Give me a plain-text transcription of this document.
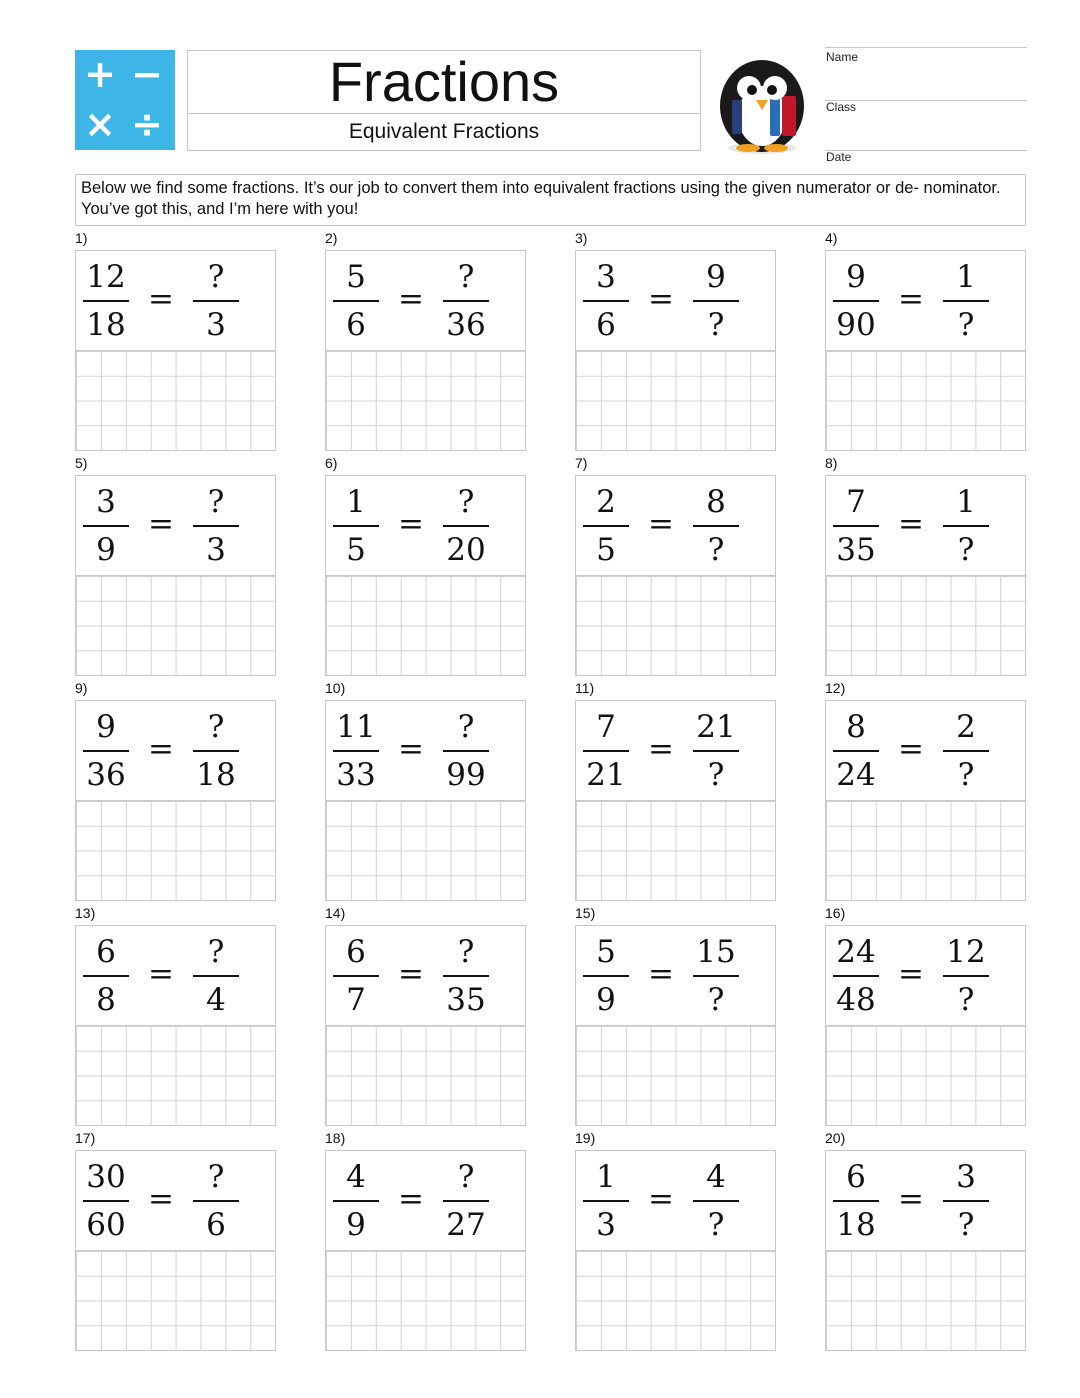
+ −
× ÷
Fractions
Equivalent Fractions
Name
Class
Date
Below we find some fractions. It’s our job to convert them into equivalent fractions using the given numerator or de- nominator. You’ve got this, and I’m here with you!
1)
12
18
=
?
3
2)
5
6
=
?
36
3)
3
6
=
9
?
4)
9
90
=
1
?
5)
3
9
=
?
3
6)
1
5
=
?
20
7)
2
5
=
8
?
8)
7
35
=
1
?
9)
9
36
=
?
18
10)
11
33
=
?
99
11)
7
21
=
21
?
12)
8
24
=
2
?
13)
6
8
=
?
4
14)
6
7
=
?
35
15)
5
9
=
15
?
16)
24
48
=
12
?
17)
30
60
=
?
6
18)
4
9
=
?
27
19)
1
3
=
4
?
20)
6
18
=
3
?
